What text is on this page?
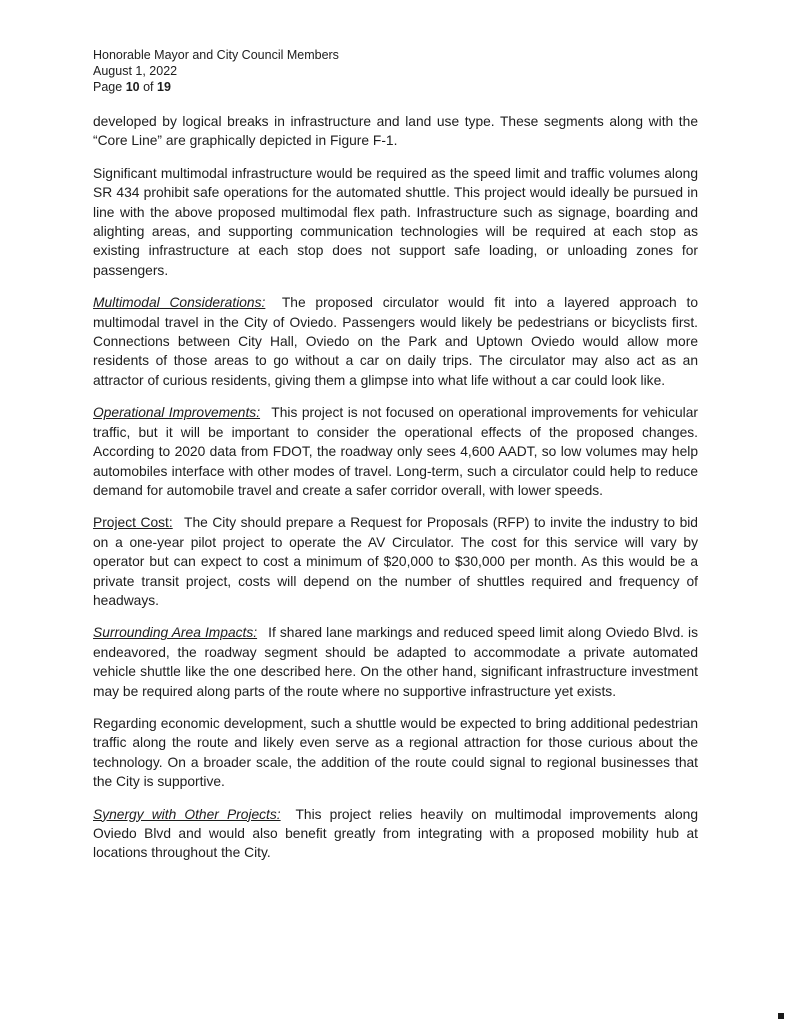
Honorable Mayor and City Council Members
August 1, 2022
Page 10 of 19

developed by logical breaks in infrastructure and land use type. These segments along with the “Core Line” are graphically depicted in Figure F-1.

Significant multimodal infrastructure would be required as the speed limit and traffic volumes along SR 434 prohibit safe operations for the automated shuttle. This project would ideally be pursued in line with the above proposed multimodal flex path. Infrastructure such as signage, boarding and alighting areas, and supporting communication technologies will be required at each stop as existing infrastructure at each stop does not support safe loading, or unloading zones for passengers.

Multimodal Considerations: The proposed circulator would fit into a layered approach to multimodal travel in the City of Oviedo. Passengers would likely be pedestrians or bicyclists first. Connections between City Hall, Oviedo on the Park and Uptown Oviedo would allow more residents of those areas to go without a car on daily trips. The circulator may also act as an attractor of curious residents, giving them a glimpse into what life without a car could look like.

Operational Improvements: This project is not focused on operational improvements for vehicular traffic, but it will be important to consider the operational effects of the proposed changes. According to 2020 data from FDOT, the roadway only sees 4,600 AADT, so low volumes may help automobiles interface with other modes of travel. Long-term, such a circulator could help to reduce demand for automobile travel and create a safer corridor overall, with lower speeds.

Project Cost: The City should prepare a Request for Proposals (RFP) to invite the industry to bid on a one-year pilot project to operate the AV Circulator. The cost for this service will vary by operator but can expect to cost a minimum of $20,000 to $30,000 per month. As this would be a private transit project, costs will depend on the number of shuttles required and frequency of headways.

Surrounding Area Impacts: If shared lane markings and reduced speed limit along Oviedo Blvd. is endeavored, the roadway segment should be adapted to accommodate a private automated vehicle shuttle like the one described here. On the other hand, significant infrastructure investment may be required along parts of the route where no supportive infrastructure yet exists.

Regarding economic development, such a shuttle would be expected to bring additional pedestrian traffic along the route and likely even serve as a regional attraction for those curious about the technology. On a broader scale, the addition of the route could signal to regional businesses that the City is supportive.

Synergy with Other Projects: This project relies heavily on multimodal improvements along Oviedo Blvd and would also benefit greatly from integrating with a proposed mobility hub at locations throughout the City.
